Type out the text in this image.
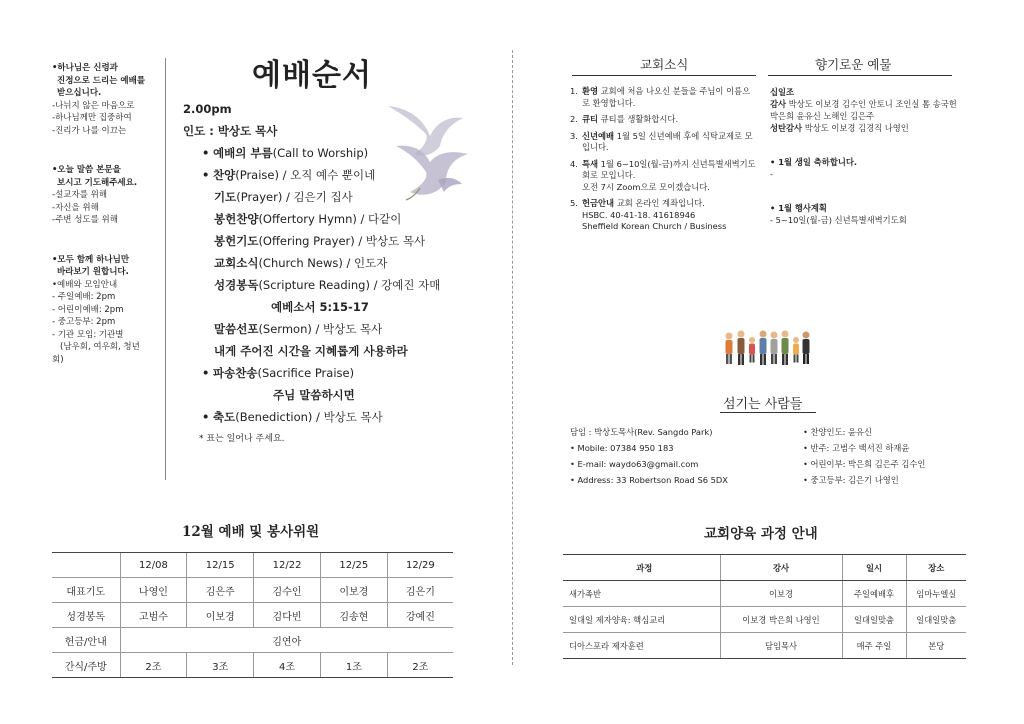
•하나님은 신령과
진정으로 드리는 예배를
받으십니다.
-나뉘지 않은 마음으로
-하나님께만 집중하여
-진리가 나를 이끄는
•오늘 말씀 본문을
보시고 기도해주세요.
-설교자를 위해
-자신을 위해
-주변 성도를 위해
•모두 함께 하나님만
바라보기 원합니다.
•예배와 모임안내
- 주일예배: 2pm
- 어린이예배: 2pm
- 중고등부: 2pm
- 기관 모임: 기관별
(남우회, 여우회, 청년
회)
예배순서
2.00pm
인도 : 박상도 목사
• 예배의 부름(Call to Worship)
• 찬양(Praise) / 오직 예수 뿐이네
기도(Prayer) / 김은기 집사
봉헌찬양(Offertory Hymn) / 다같이
봉헌기도(Offering Prayer) / 박상도 목사
교회소식(Church News) / 인도자
성경봉독(Scripture Reading) / 강예진 자매
예베소서 5:15-17
말씀선포(Sermon) / 박상도 목사
내게 주어진 시간을 지혜롭게 사용하라
• 파송찬송(Sacrifice Praise)
주님 말씀하시면
• 축도(Benediction) / 박상도 목사
* 표는 일어나 주세요.
12월 예배 및 봉사위원
	12/08	12/15	12/22	12/25	12/29
대표기도	나영인	김은주	김수인	이보경	김은기
성경봉독	고범수	이보경	김다빈	김송현	강예진
헌금/안내	김연아				
간식/주방	2조	3조	4조	1조	2조
교회소식
1. 환영 교회에 처음 나오신 분들을 주님이 이름으로 환영합니다.
2. 큐티 큐티를 생활화합시다.
3. 신년예배 1월 5일 신년예배 후에 식탁교제로 모입니다.
4. 특새 1월 6~10일(월-금)까지 신년특별새벽기도회로 모입니다.
오전 7시 Zoom으로 모이겠습니다.
5. 헌금안내 교회 온라인 계좌입니다.
HSBC. 40-41-18. 41618946
Sheffield Korean Church / Business
향기로운 예물
십일조
감사 박상도 이보경 김수인 안토니 조인실 톰 송국헌 박은희 윤유신 노해인 김은주
성탄감사 박상도 이보경 김경직 나영인
• 1월 생일 축하합니다.
-
• 1월 행사계획
- 5~10일(월-금) 신년특별새벽기도회
섬기는 사람들
담임 : 박상도목사(Rev. Sangdo Park)
• Mobile: 07384 950 183
• E-mail: waydo63@gmail.com
• Address: 33 Robertson Road S6 5DX
• 찬양인도: 윤유신
• 반주: 고범수 백서진 하재윤
• 어린이부: 박은희 김은주 김수인
• 중고등부: 김은기 나영인
교회양육 과정 안내
과정	강사	일시	장소
새가족반	이보경	주일예배후	임마누엘실
일대일 제자양육: 핵심교리	이보경 박은희 나영인	일대일맞춤	일대일맞춤
디아스포라 제자훈련	담임목사	매주 주일	본당
